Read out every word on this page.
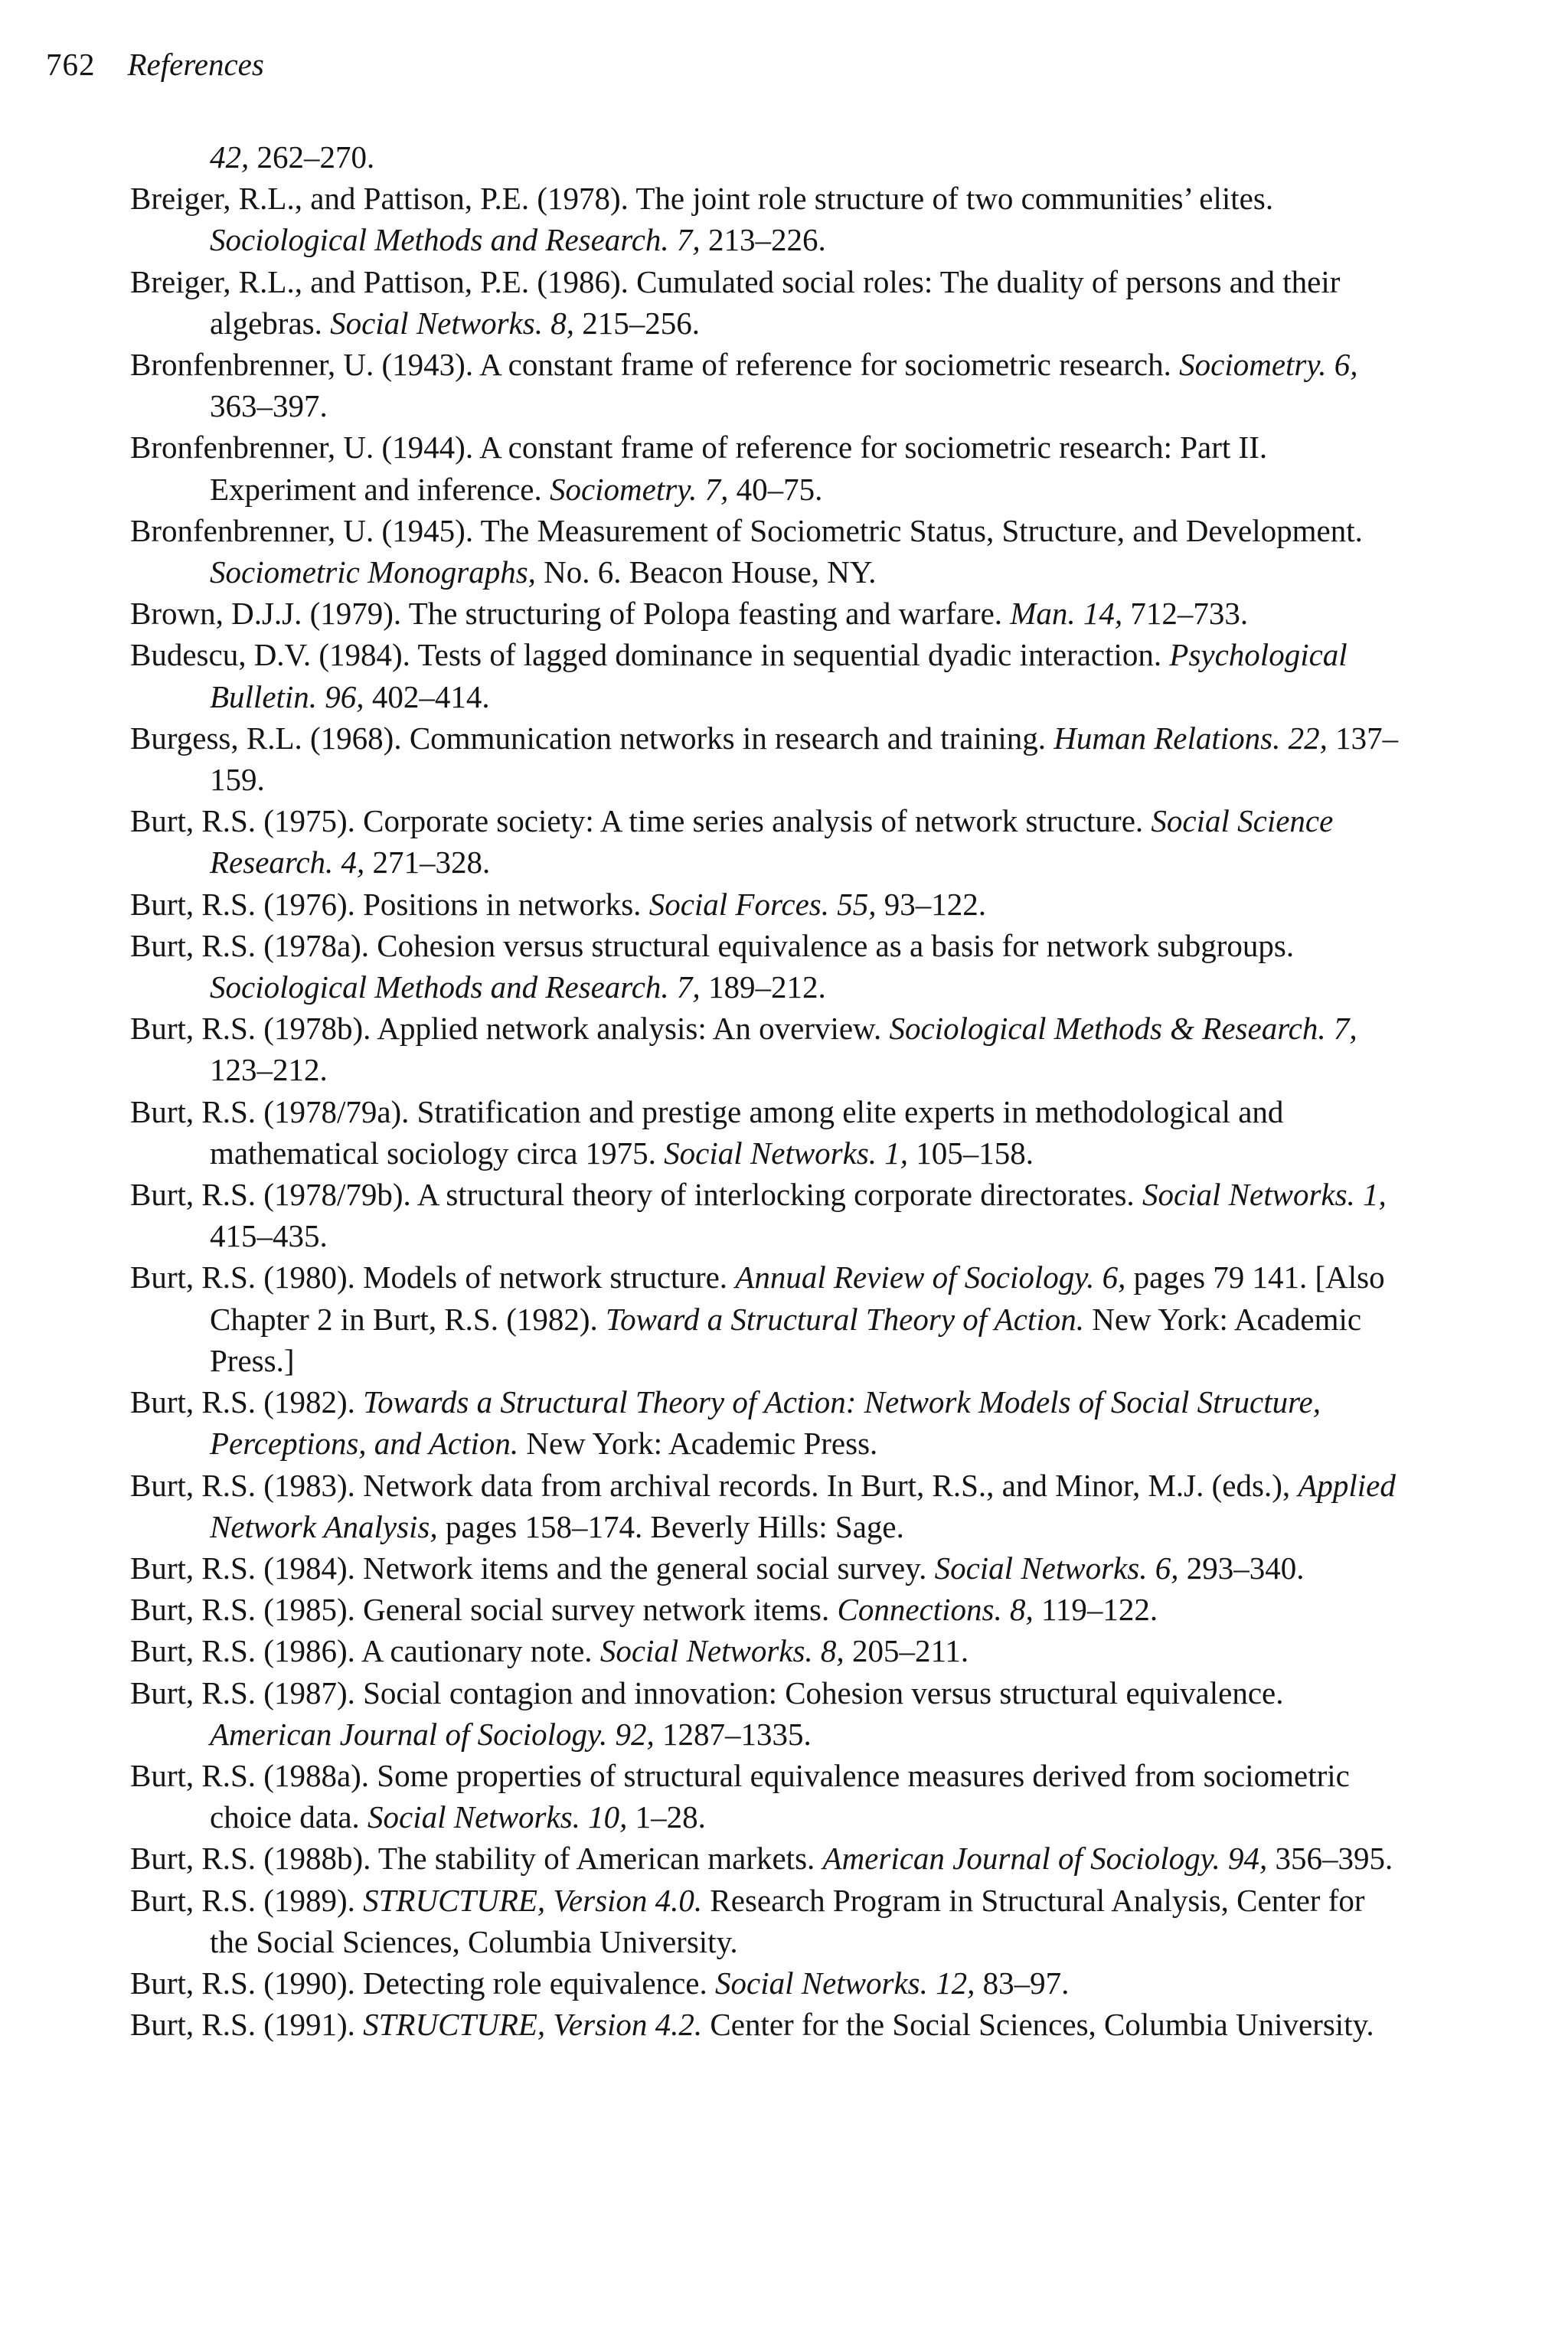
762 References

42, 262–270.

Breiger, R.L., and Pattison, P.E. (1978). The joint role structure of two communities’ elites. Sociological Methods and Research. 7, 213–226.

Breiger, R.L., and Pattison, P.E. (1986). Cumulated social roles: The duality of persons and their algebras. Social Networks. 8, 215–256.

Bronfenbrenner, U. (1943). A constant frame of reference for sociometric research. Sociometry. 6, 363–397.

Bronfenbrenner, U. (1944). A constant frame of reference for sociometric research: Part II. Experiment and inference. Sociometry. 7, 40–75.

Bronfenbrenner, U. (1945). The Measurement of Sociometric Status, Structure, and Development. Sociometric Monographs, No. 6. Beacon House, NY.

Brown, D.J.J. (1979). The structuring of Polopa feasting and warfare. Man. 14, 712–733.

Budescu, D.V. (1984). Tests of lagged dominance in sequential dyadic interaction. Psychological Bulletin. 96, 402–414.

Burgess, R.L. (1968). Communication networks in research and training. Human Relations. 22, 137–159.

Burt, R.S. (1975). Corporate society: A time series analysis of network structure. Social Science Research. 4, 271–328.

Burt, R.S. (1976). Positions in networks. Social Forces. 55, 93–122.

Burt, R.S. (1978a). Cohesion versus structural equivalence as a basis for network subgroups. Sociological Methods and Research. 7, 189–212.

Burt, R.S. (1978b). Applied network analysis: An overview. Sociological Methods & Research. 7, 123–212.

Burt, R.S. (1978/79a). Stratification and prestige among elite experts in methodological and mathematical sociology circa 1975. Social Networks. 1, 105–158.

Burt, R.S. (1978/79b). A structural theory of interlocking corporate directorates. Social Networks. 1, 415–435.

Burt, R.S. (1980). Models of network structure. Annual Review of Sociology. 6, pages 79 141. [Also Chapter 2 in Burt, R.S. (1982). Toward a Structural Theory of Action. New York: Academic Press.]

Burt, R.S. (1982). Towards a Structural Theory of Action: Network Models of Social Structure, Perceptions, and Action. New York: Academic Press.

Burt, R.S. (1983). Network data from archival records. In Burt, R.S., and Minor, M.J. (eds.), Applied Network Analysis, pages 158–174. Beverly Hills: Sage.

Burt, R.S. (1984). Network items and the general social survey. Social Networks. 6, 293–340.

Burt, R.S. (1985). General social survey network items. Connections. 8, 119–122.

Burt, R.S. (1986). A cautionary note. Social Networks. 8, 205–211.

Burt, R.S. (1987). Social contagion and innovation: Cohesion versus structural equivalence. American Journal of Sociology. 92, 1287–1335.

Burt, R.S. (1988a). Some properties of structural equivalence measures derived from sociometric choice data. Social Networks. 10, 1–28.

Burt, R.S. (1988b). The stability of American markets. American Journal of Sociology. 94, 356–395.

Burt, R.S. (1989). STRUCTURE, Version 4.0. Research Program in Structural Analysis, Center for the Social Sciences, Columbia University.

Burt, R.S. (1990). Detecting role equivalence. Social Networks. 12, 83–97.

Burt, R.S. (1991). STRUCTURE, Version 4.2. Center for the Social Sciences, Columbia University.
